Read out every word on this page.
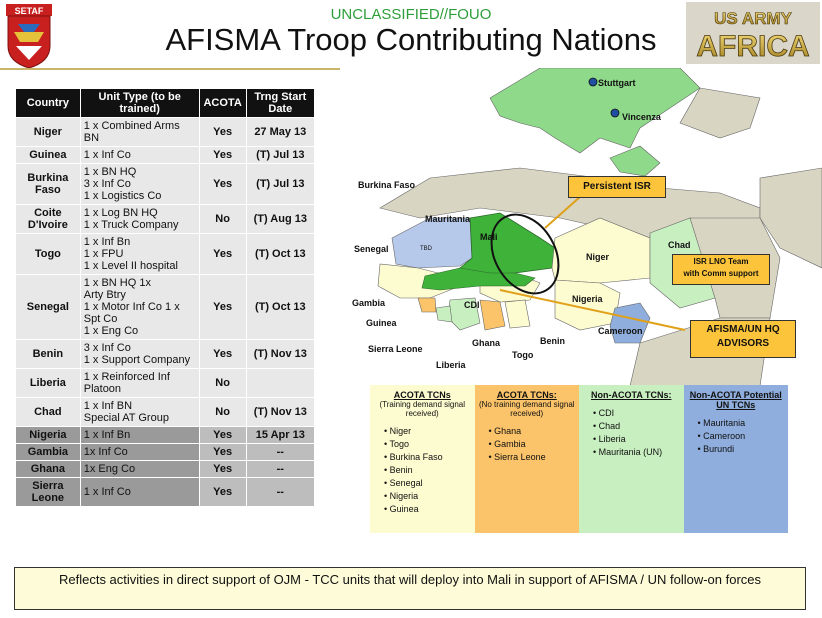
SETAF	UNCLASSIFIED//FOUO
AFISMA Troop Contributing Nations
US ARMY
AFRICA
Country	Unit Type (to be trained)	ACOTA	Trng Start Date
Niger	1 x Combined Arms
BN	Yes	27 May 13
Guinea	1 x Inf Co	Yes	(T) Jul 13
Burkina Faso	1 x BN HQ
3 x Inf Co
1 x Logistics Co	Yes	(T) Jul 13
Coite D'Ivoire	1 x Log BN HQ
1 x Truck Company	No	(T) Aug 13
Togo	1 x Inf Bn
1 x FPU
1 x Level II hospital	Yes	(T) Oct 13
Senegal	1 x BN HQ 1x
Arty Btry
1 x Motor Inf Co 1 x
Spt Co
1 x Eng Co	Yes	(T) Oct 13
Benin	3 x Inf Co
1 x Support Company	Yes	(T) Nov 13
Liberia	1 x Reinforced Inf
Platoon	No	
Chad	1 x Inf BN
Special AT Group	No	(T) Nov 13
Nigeria	1 x Inf Bn	Yes	15 Apr 13
Gambia	1x Inf Co	Yes	--
Ghana	1x Eng Co	Yes	--
Sierra Leone	1 x Inf Co	Yes	--
Stuttgart
Vincenza
Burkina Faso
Mauritania
Mali
TBD
Senegal
Niger
Chad
Gambia
Guinea
CDI
Nigeria
Cameroon
Sierra Leone
Ghana
Togo
Benin
Liberia
Persistent ISR
ISR LNO Team
with Comm support
AFISMA/UN HQ
ADVISORS
ACOTA TCNs
(Training demand signal received)
• Niger
• Togo
• Burkina Faso
• Benin
• Senegal
• Nigeria
• Guinea
ACOTA TCNs:
(No training demand signal received)
• Ghana
• Gambia
• Sierra Leone
Non-ACOTA TCNs:
• CDI
• Chad
• Liberia
• Mauritania (UN)
Non-ACOTA Potential UN TCNs
• Mauritania
• Cameroon
• Burundi
Reflects activities in direct support of OJM - TCC units that will deploy into Mali in support of AFISMA / UN follow-on forces
